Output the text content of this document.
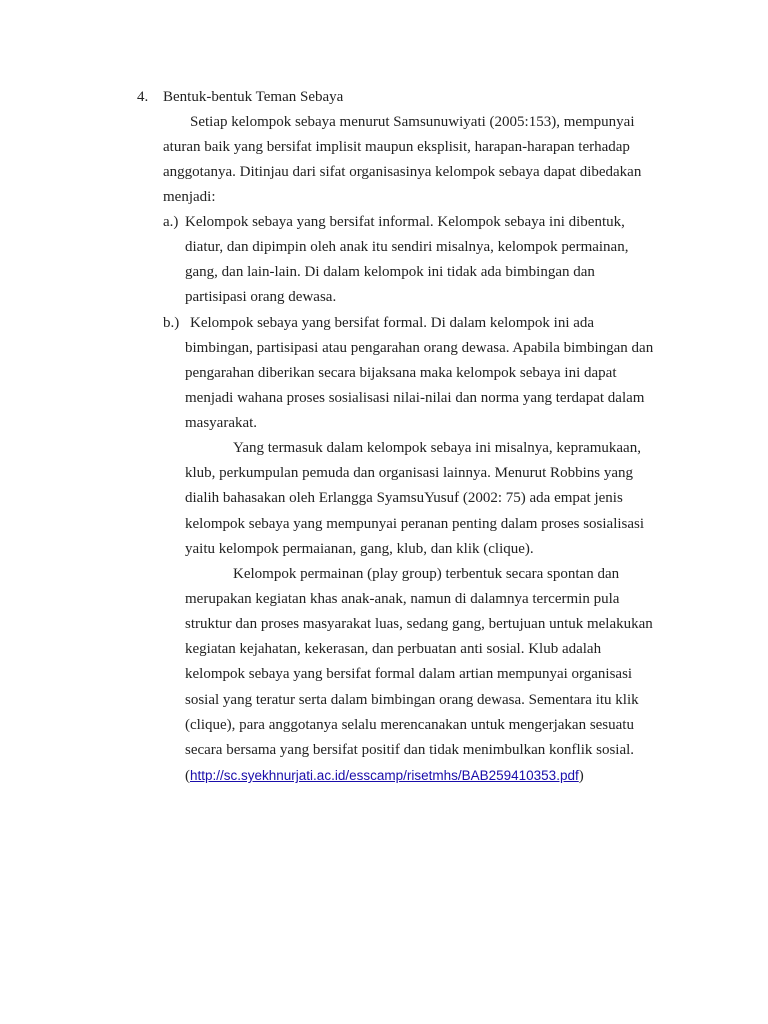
4. Bentuk-bentuk Teman Sebaya
Setiap kelompok sebaya menurut Samsunuwiyati (2005:153), mempunyai
aturan baik yang bersifat implisit maupun eksplisit, harapan-harapan terhadap
anggotanya. Ditinjau dari sifat organisasinya kelompok sebaya dapat dibedakan
menjadi:
a.) Kelompok sebaya yang bersifat informal. Kelompok sebaya ini dibentuk,
diatur, dan dipimpin oleh anak itu sendiri misalnya, kelompok permainan,
gang, dan lain-lain. Di dalam kelompok ini tidak ada bimbingan dan
partisipasi orang dewasa.
b.) Kelompok sebaya yang bersifat formal. Di dalam kelompok ini ada
bimbingan, partisipasi atau pengarahan orang dewasa. Apabila bimbingan dan
pengarahan diberikan secara bijaksana maka kelompok sebaya ini dapat
menjadi wahana proses sosialisasi nilai-nilai dan norma yang terdapat dalam
masyarakat.
Yang termasuk dalam kelompok sebaya ini misalnya, kepramukaan,
klub, perkumpulan pemuda dan organisasi lainnya. Menurut Robbins yang
dialih bahasakan oleh Erlangga SyamsuYusuf (2002: 75) ada empat jenis
kelompok sebaya yang mempunyai peranan penting dalam proses sosialisasi
yaitu kelompok permaianan, gang, klub, dan klik (clique).
Kelompok permainan (play group) terbentuk secara spontan dan
merupakan kegiatan khas anak-anak, namun di dalamnya tercermin pula
struktur dan proses masyarakat luas, sedang gang, bertujuan untuk melakukan
kegiatan kejahatan, kekerasan, dan perbuatan anti sosial. Klub adalah
kelompok sebaya yang bersifat formal dalam artian mempunyai organisasi
sosial yang teratur serta dalam bimbingan orang dewasa. Sementara itu klik
(clique), para anggotanya selalu merencanakan untuk mengerjakan sesuatu
secara bersama yang bersifat positif dan tidak menimbulkan konflik sosial.
(http://sc.syekhnurjati.ac.id/esscamp/risetmhs/BAB259410353.pdf)
